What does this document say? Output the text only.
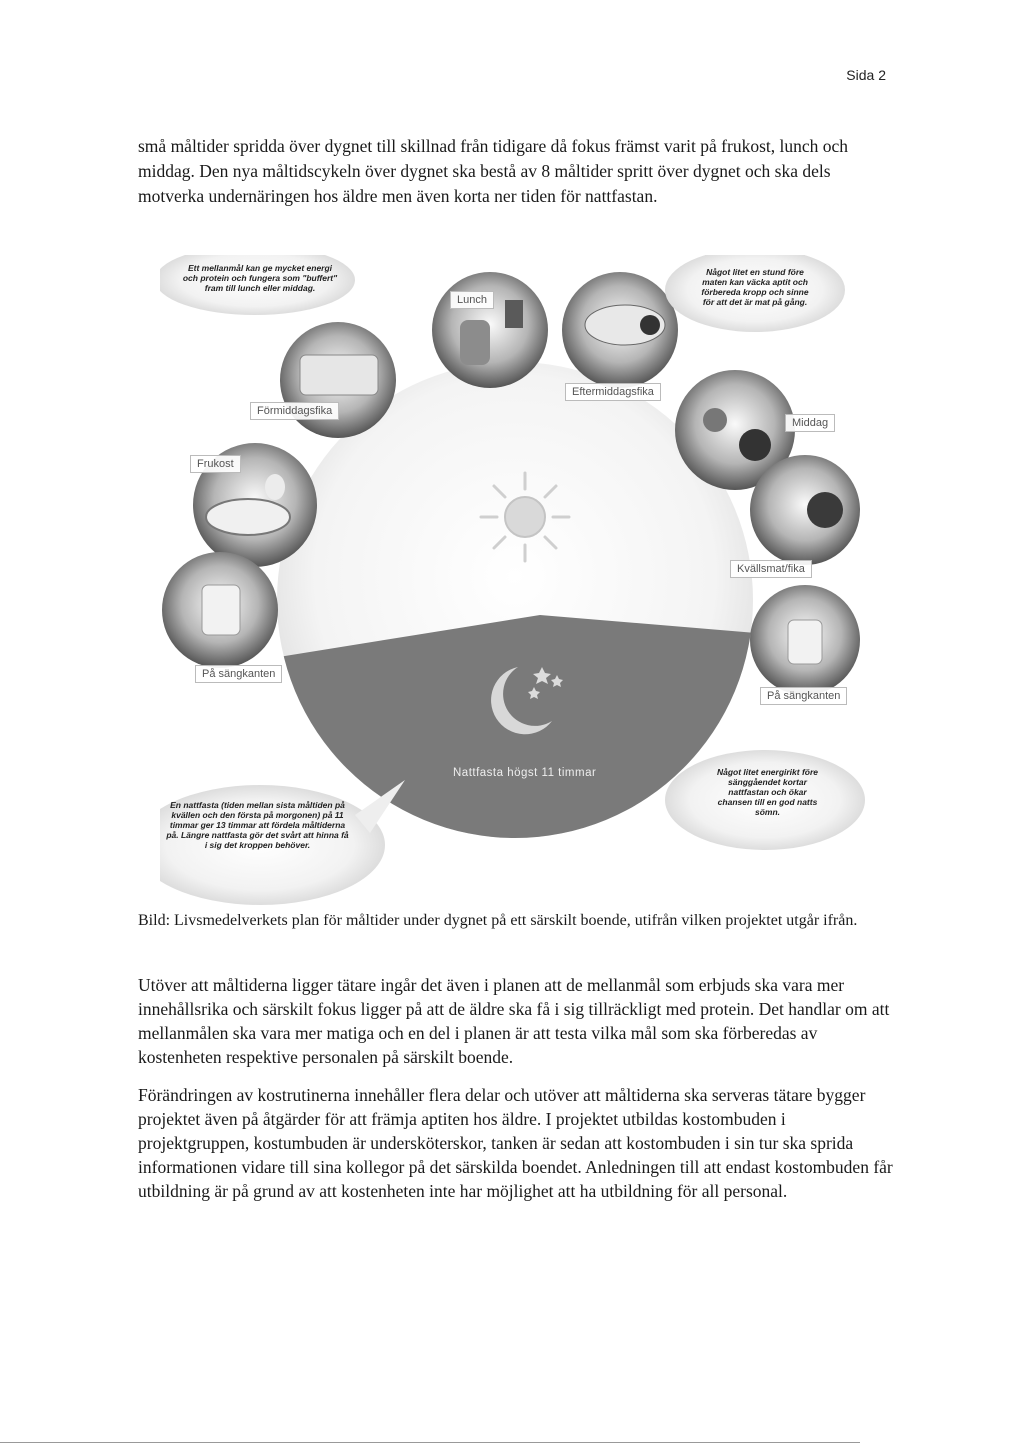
Sida 2

små måltider spridda över dygnet till skillnad från tidigare då fokus främst varit på frukost, lunch och middag. Den nya måltidscykeln över dygnet ska bestå av 8 måltider spritt över dygnet och ska dels motverka undernäringen hos äldre men även korta ner tiden för nattfastan.

Frukost
Förmiddagsfika
Lunch
Eftermiddagsfika
Middag
Kvällsmat/fika
På sängkanten
På sängkanten
Nattfasta högst 11 timmar
Ett mellanmål kan ge mycket energi och protein och fungera som "buffert" fram till lunch eller middag.
Något litet en stund före maten kan väcka aptit och förbereda kropp och sinne för att det är mat på gång.
Något litet energirikt före sänggåendet kortar nattfastan och ökar chansen till en god natts sömn.
En nattfasta (tiden mellan sista måltiden på kvällen och den första på morgonen) på 11 timmar ger 13 timmar att fördela måltiderna på. Längre nattfasta gör det svårt att hinna få i sig det kroppen behöver.

Bild: Livsmedelverkets plan för måltider under dygnet på ett särskilt boende, utifrån vilken projektet utgår ifrån.

Utöver att måltiderna ligger tätare ingår det även i planen att de mellanmål som erbjuds ska vara mer innehållsrika och särskilt fokus ligger på att de äldre ska få i sig tillräckligt med protein. Det handlar om att mellanmålen ska vara mer matiga och en del i planen är att testa vilka mål som ska förberedas av kostenheten respektive personalen på särskilt boende.

Förändringen av kostrutinerna innehåller flera delar och utöver att måltiderna ska serveras tätare bygger projektet även på åtgärder för att främja aptiten hos äldre. I projektet utbildas kostombuden i projektgruppen, kostumbuden är undersköterskor, tanken är sedan att kostombuden i sin tur ska sprida informationen vidare till sina kollegor på det särskilda boendet. Anledningen till att endast kostombuden får utbildning är på grund av att kostenheten inte har möjlighet att ha utbildning för all personal.
